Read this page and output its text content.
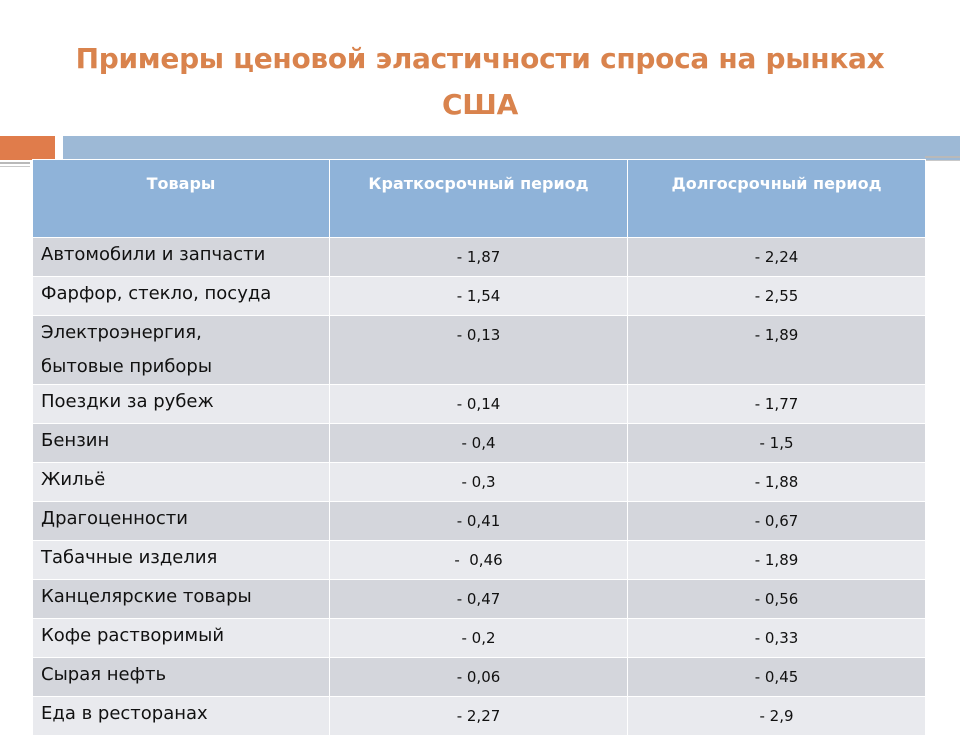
Примеры ценовой эластичности спроса на рынках
США
Товары	Краткосрочный период	Долгосрочный период
Автомобили и запчасти	- 1,87	- 2,24
Фарфор, стекло, посуда	- 1,54	- 2,55

Электроэнергия,
бытовые приборы	- 0,13	- 1,89
Поездки за рубеж	- 0,14	- 1,77
Бензин	- 0,4	- 1,5
Жильё	- 0,3	- 1,88
Драгоценности	- 0,41	- 0,67
Табачные изделия	-  0,46	- 1,89
Канцелярские товары	- 0,47	- 0,56
Кофе растворимый	- 0,2	- 0,33
Сырая нефть	- 0,06	- 0,45
Еда в ресторанах	- 2,27	- 2,9
